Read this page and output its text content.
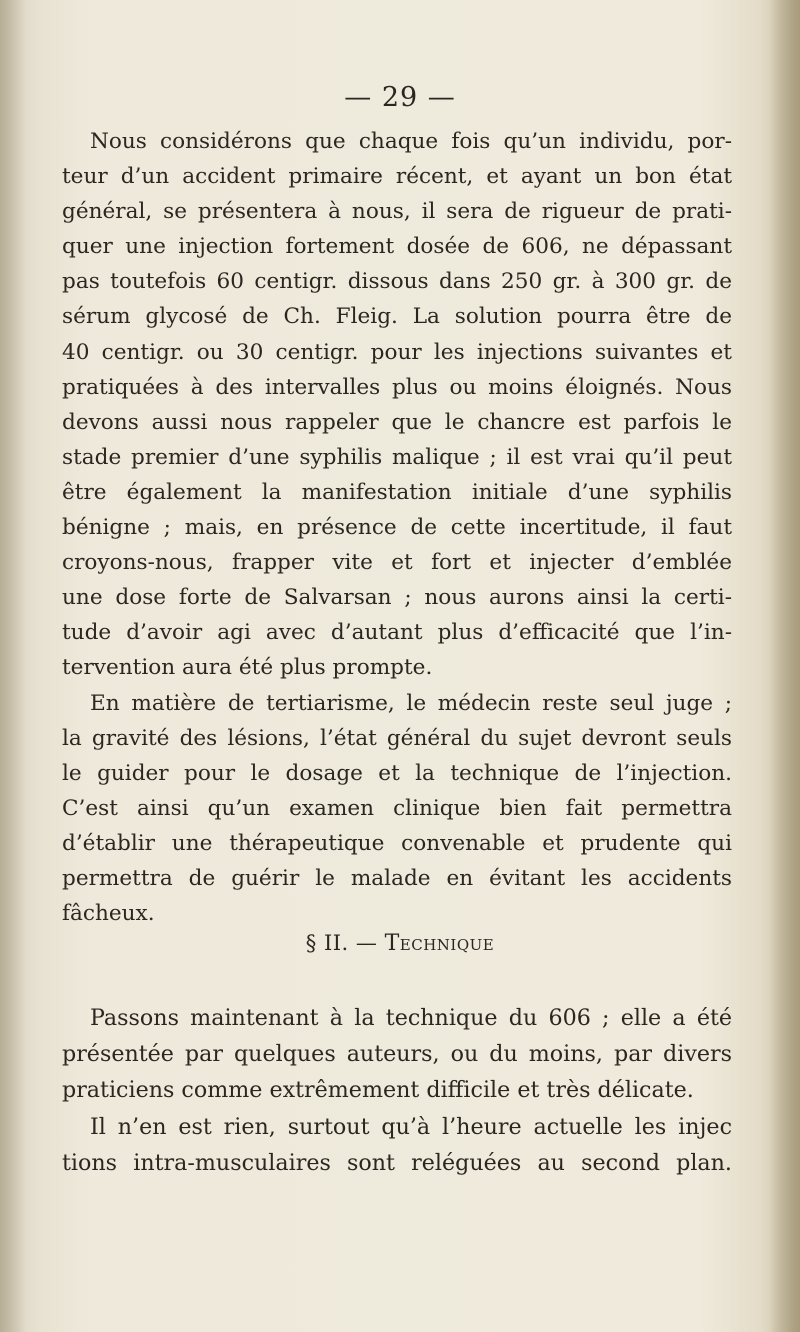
— 29 —
Nous considérons que chaque fois qu’un individu, por-
teur d’un accident primaire récent, et ayant un bon état
général, se présentera à nous, il sera de rigueur de prati-
quer une injection fortement dosée de 606, ne dépassant
pas toutefois 60 centigr. dissous dans 250 gr. à 300 gr. de
sérum glycosé de Ch. Fleig. La solution pourra être de
40 centigr. ou 30 centigr. pour les injections suivantes et
pratiquées à des intervalles plus ou moins éloignés. Nous
devons aussi nous rappeler que le chancre est parfois le
stade premier d’une syphilis malique ; il est vrai qu’il peut
être également la manifestation initiale d’une syphilis
bénigne ; mais, en présence de cette incertitude, il faut
croyons-nous, frapper vite et fort et injecter d’emblée
une dose forte de Salvarsan ; nous aurons ainsi la certi-
tude d’avoir agi avec d’autant plus d’efficacité que l’in-
tervention aura été plus prompte.
En matière de tertiarisme, le médecin reste seul juge ;
la gravité des lésions, l’état général du sujet devront seuls
le guider pour le dosage et la technique de l’injection.
C’est ainsi qu’un examen clinique bien fait permettra
d’établir une thérapeutique convenable et prudente qui
permettra de guérir le malade en évitant les accidents
fâcheux.
§ II. — Technique
Passons maintenant à la technique du 606 ; elle a été
présentée par quelques auteurs, ou du moins, par divers
praticiens comme extrêmement difficile et très délicate.
Il n’en est rien, surtout qu’à l’heure actuelle les injec
tions intra-musculaires sont reléguées au second plan.
